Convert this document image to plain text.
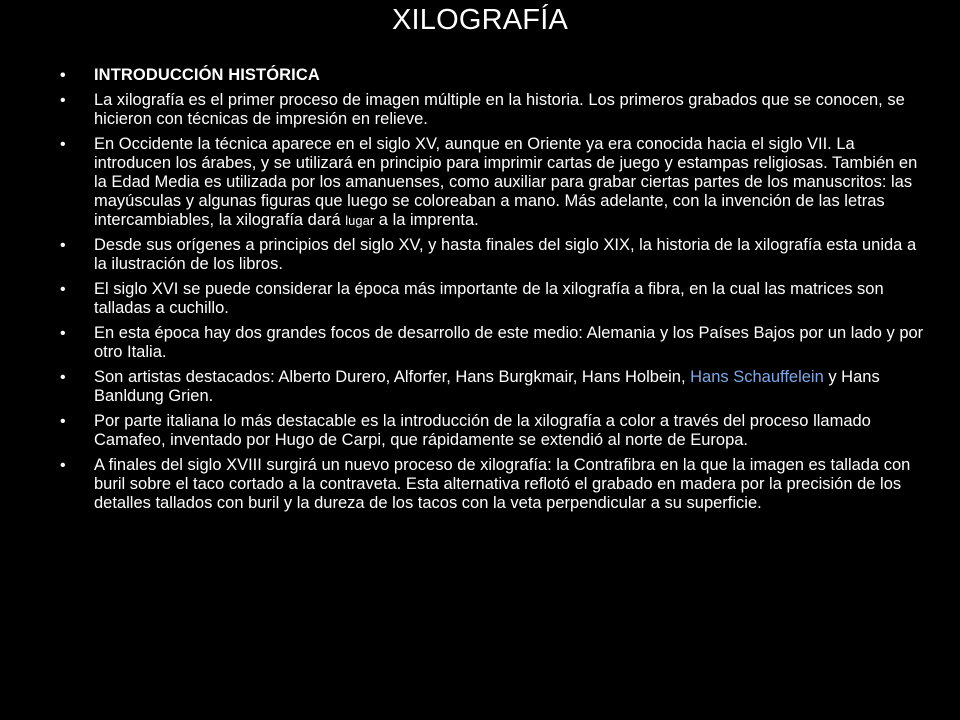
XILOGRAFÍA
•	INTRODUCCIÓN HISTÓRICA
•	La xilografía es el primer proceso de imagen múltiple en la historia. Los primeros grabados que se conocen, se hicieron con técnicas de impresión en relieve.
•	En Occidente la técnica aparece en el siglo XV, aunque en Oriente ya era conocida hacia el siglo VII. La introducen los árabes, y se utilizará en principio para imprimir cartas de juego y estampas religiosas. También en la Edad Media es utilizada por los amanuenses, como auxiliar para grabar ciertas partes de los manuscritos: las mayúsculas y algunas figuras que luego se coloreaban a mano. Más adelante, con la invención de las letras intercambiables, la xilografía dará lugar a la imprenta.
•	Desde sus orígenes a principios del siglo XV, y hasta finales del siglo XIX, la historia de la xilografía esta unida a la ilustración de los libros.
•	El siglo XVI se puede considerar la época más importante de la xilografía a fibra, en la cual las matrices son talladas a cuchillo.
•	En esta época hay dos grandes focos de desarrollo de este medio: Alemania y los Países Bajos por un lado y por otro Italia.
•	Son artistas destacados: Alberto Durero, Alforfer, Hans Burgkmair, Hans Holbein, Hans Schauffelein y Hans Banldung Grien.
•	Por parte italiana lo más destacable es la introducción de la xilografía a color a través del proceso llamado Camafeo, inventado por Hugo de Carpi, que rápidamente se extendió al norte de Europa.
•	A finales del siglo XVIII surgirá un nuevo proceso de xilografía: la Contrafibra en la que la imagen es tallada con buril sobre el taco cortado a la contraveta. Esta alternativa reflotó el grabado en madera por la precisión de los detalles tallados con buril y la dureza de los tacos con la veta perpendicular a su superficie.
